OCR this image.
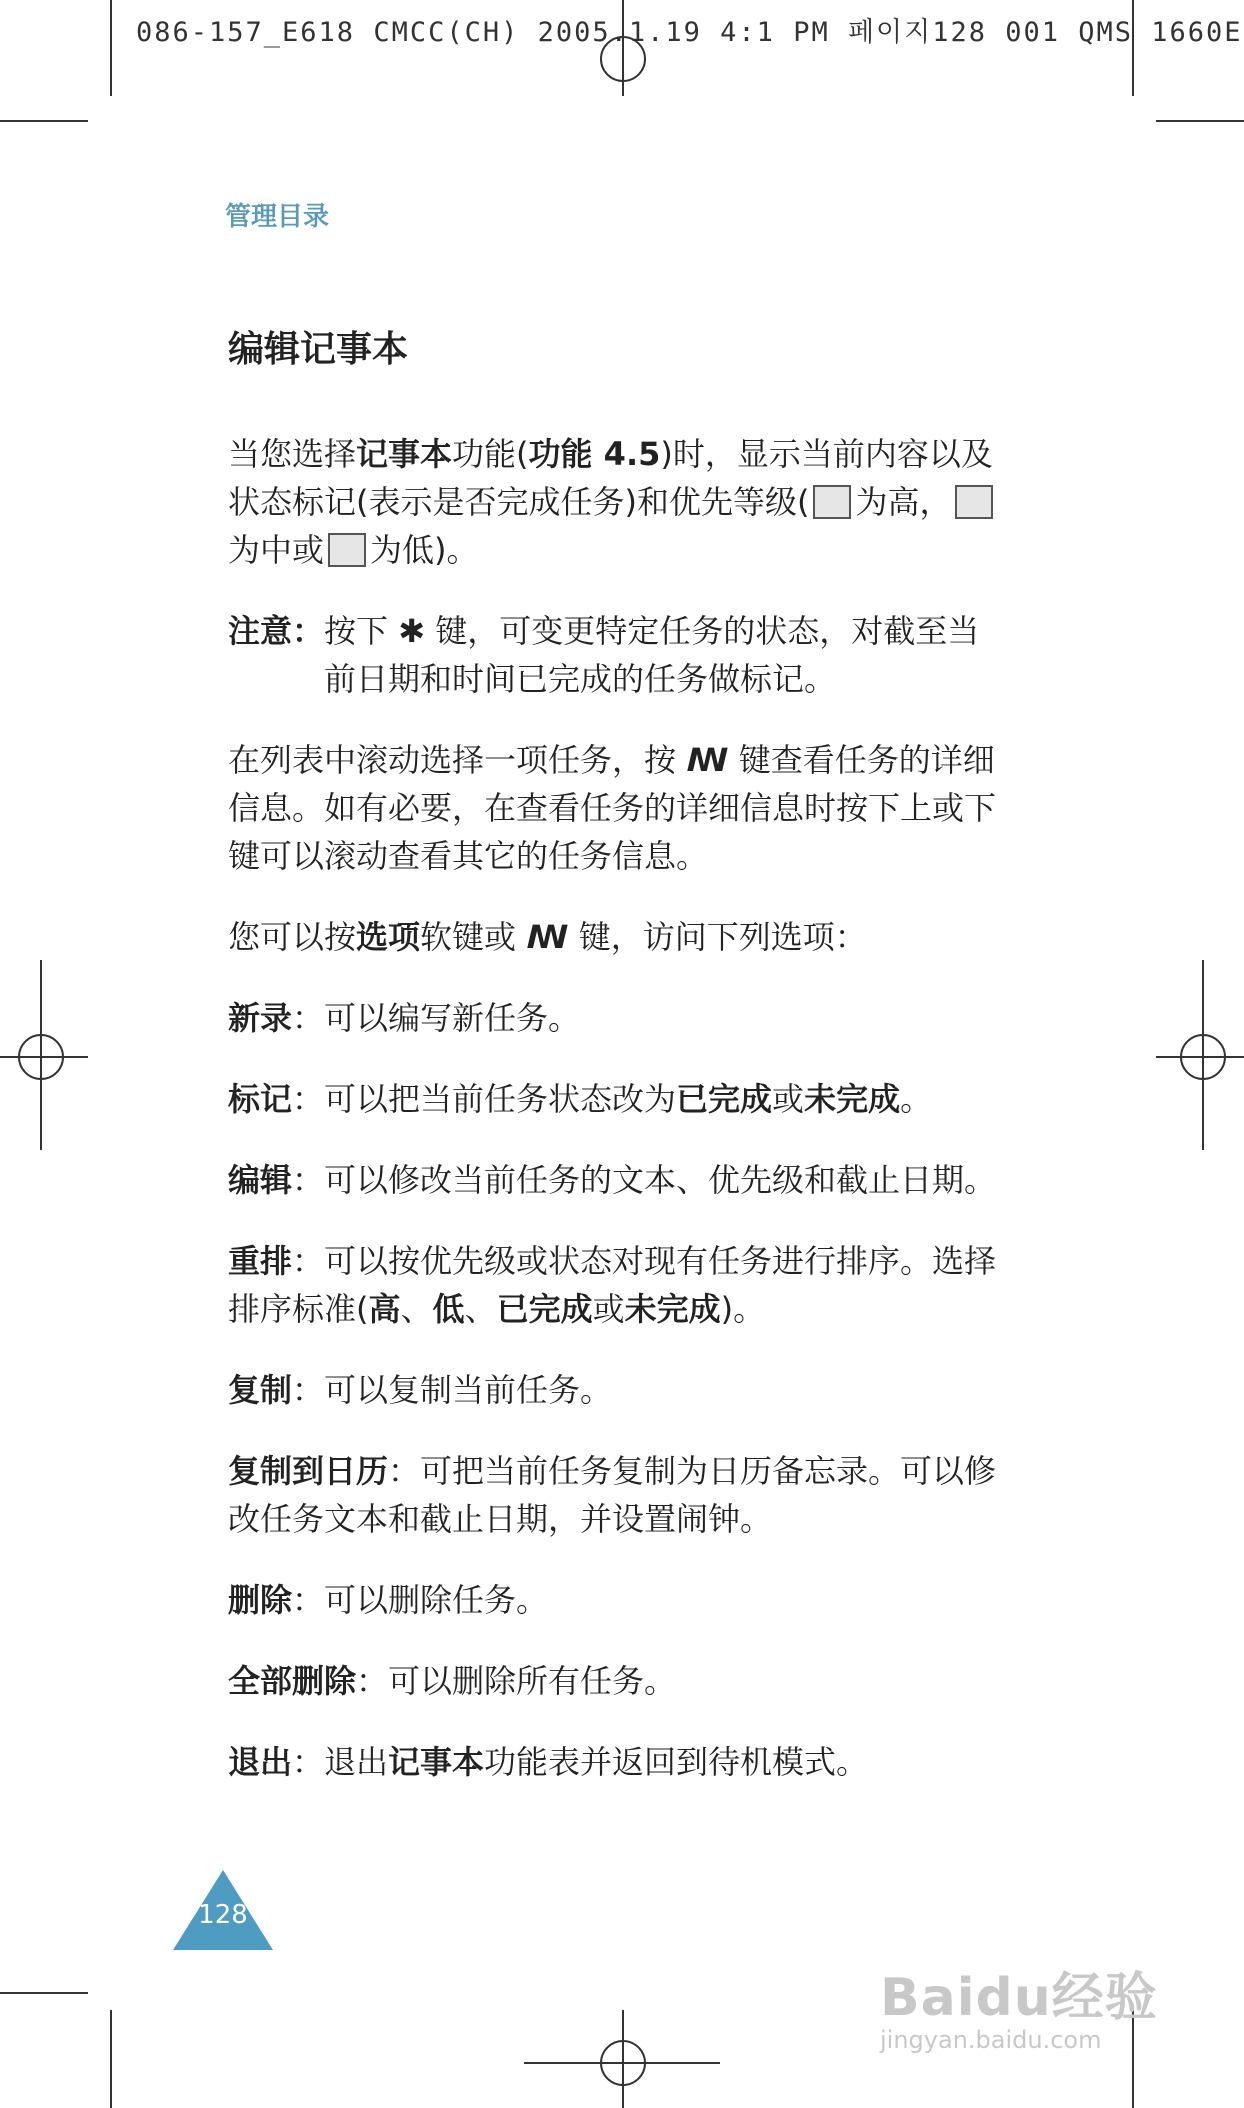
086-157_E618 CMCC(CH) 2005.1.19 4:1 PM 페이지128 001 QMS 1660E
管理目录

编辑记事本

当您选择记事本功能(功能 4.5)时，显示当前内容以及状态标记(表示是否完成任务)和优先等级( 为高，为中或 为低)。

注意： 按下 ✱ 键，可变更特定任务的状态，对截至当前日期和时间已完成的任务做标记。

在列表中滚动选择一项任务，按 ꟿ 键查看任务的详细信息。如有必要，在查看任务的详细信息时按下上或下键可以滚动查看其它的任务信息。

您可以按选项软键或 ꟿ 键，访问下列选项：

新录：可以编写新任务。

标记：可以把当前任务状态改为已完成或未完成。

编辑：可以修改当前任务的文本、优先级和截止日期。

重排：可以按优先级或状态对现有任务进行排序。选择排序标准(高、低、已完成或未完成)。

复制：可以复制当前任务。

复制到日历：可把当前任务复制为日历备忘录。可以修改任务文本和截止日期，并设置闹钟。

删除：可以删除任务。

全部删除：可以删除所有任务。

退出：退出记事本功能表并返回到待机模式。

128
Baidu经验
jingyan.baidu.com
